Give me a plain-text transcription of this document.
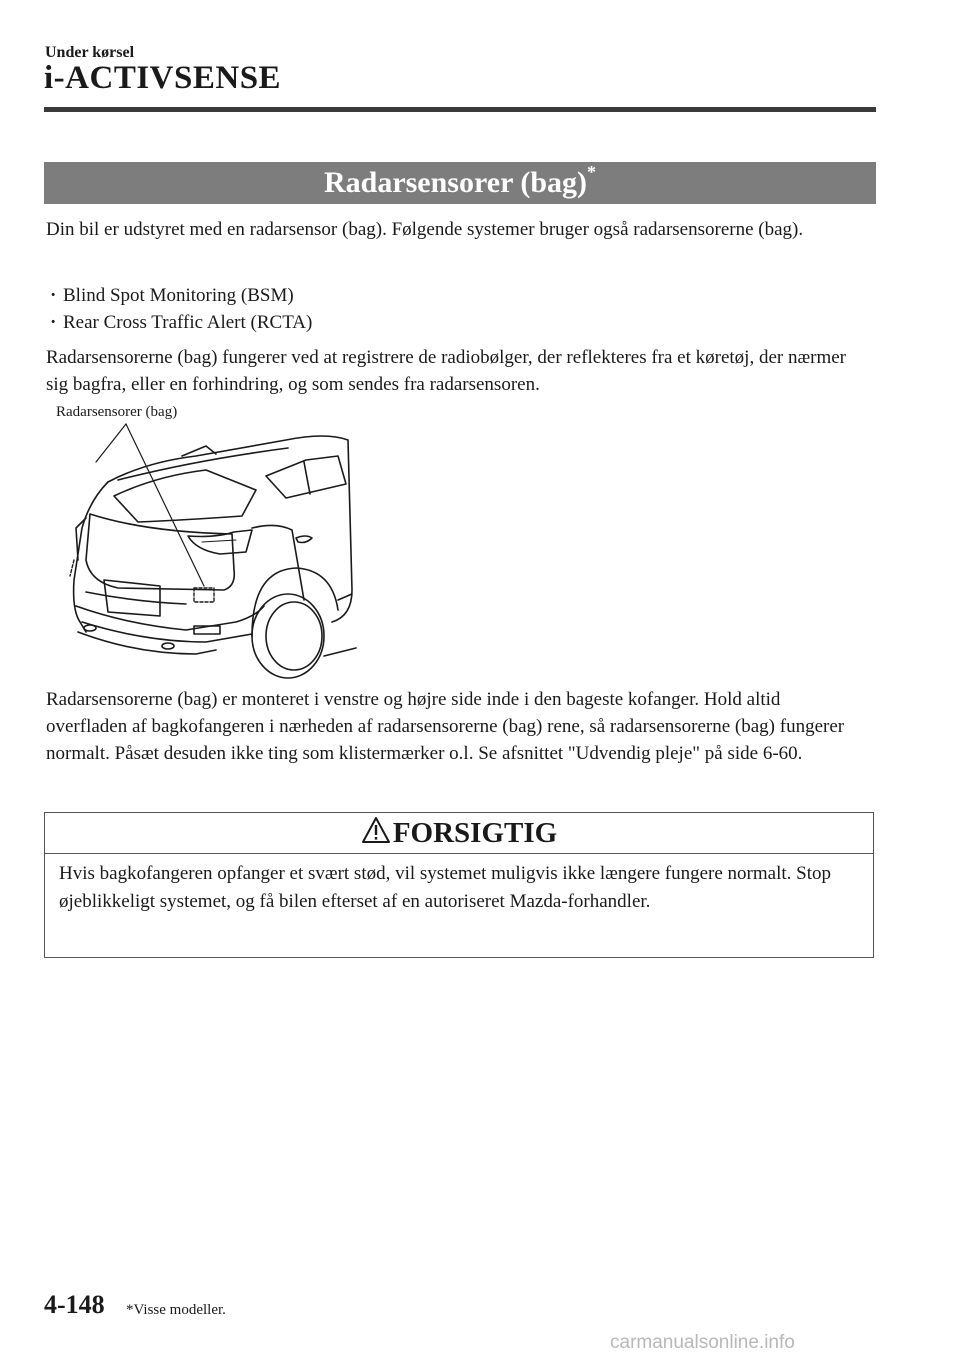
Under kørsel
i-ACTIVSENSE
Radarsensorer (bag)*
Din bil er udstyret med en radarsensor (bag). Følgende systemer bruger også radarsensorerne (bag).
· Blind Spot Monitoring (BSM)
· Rear Cross Traffic Alert (RCTA)
Radarsensorerne (bag) fungerer ved at registrere de radiobølger, der reflekteres fra et køretøj, der nærmer sig bagfra, eller en forhindring, og som sendes fra radarsensoren.
Radarsensorer (bag)
Radarsensorerne (bag) er monteret i venstre og højre side inde i den bageste kofanger. Hold altid overfladen af bagkofangeren i nærheden af radarsensorerne (bag) rene, så radarsensorerne (bag) fungerer normalt. Påsæt desuden ikke ting som klistermærker o.l. Se afsnittet "Udvendig pleje" på side 6-60.
FORSIGTIG
Hvis bagkofangeren opfanger et svært stød, vil systemet muligvis ikke længere fungere normalt. Stop øjeblikkeligt systemet, og få bilen efterset af en autoriseret Mazda-forhandler.
4-148 *Visse modeller.
carmanualsonline.info
